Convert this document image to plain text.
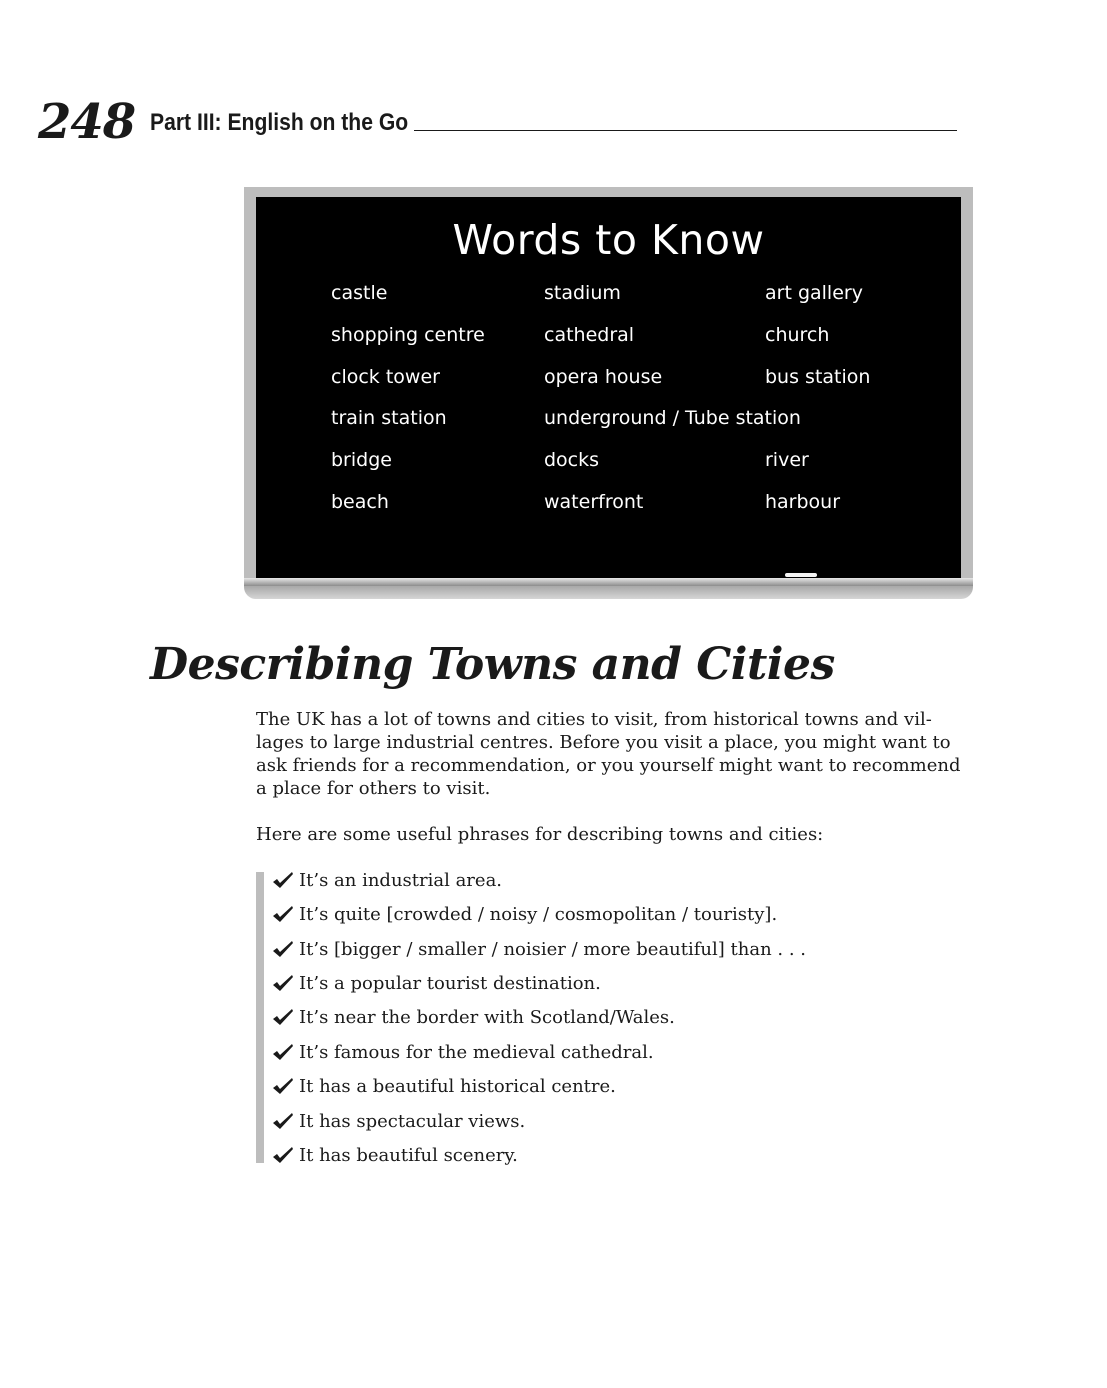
248 Part III: English on the Go
Words to Know
castle
shopping centre
clock tower
train station
bridge
beach
stadium
cathedral
opera house
underground / Tube station
docks
waterfront
art gallery
church
bus station
river
harbour
Describing Towns and Cities
The UK has a lot of towns and cities to visit, from historical towns and vil-
lages to large industrial centres. Before you visit a place, you might want to
ask friends for a recommendation, or you yourself might want to recommend
a place for others to visit.
Here are some useful phrases for describing towns and cities:
It’s an industrial area.
It’s quite [crowded / noisy / cosmopolitan / touristy].
It’s [bigger / smaller / noisier / more beautiful] than . . .
It’s a popular tourist destination.
It’s near the border with Scotland/Wales.
It’s famous for the medieval cathedral.
It has a beautiful historical centre.
It has spectacular views.
It has beautiful scenery.
